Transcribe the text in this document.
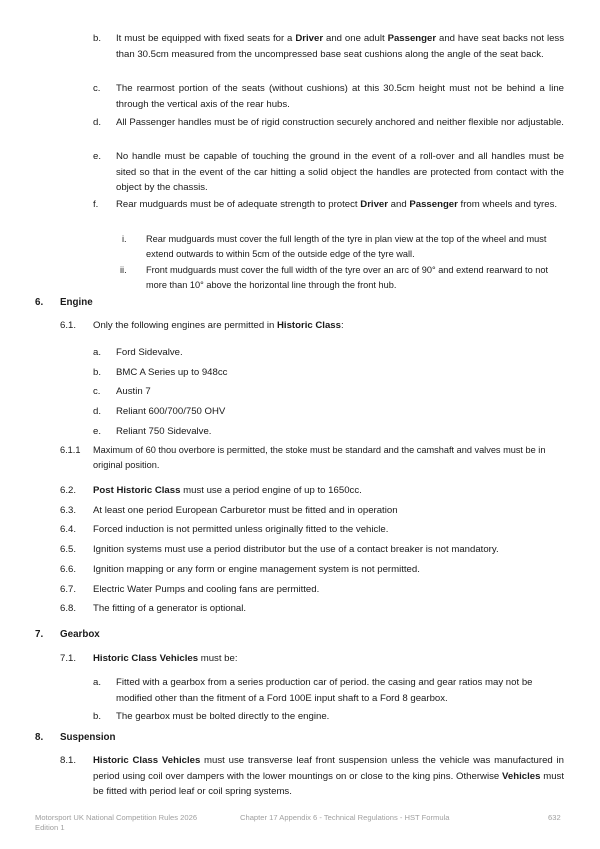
b. It must be equipped with fixed seats for a Driver and one adult Passenger and have seat backs not less than 30.5cm measured from the uncompressed base seat cushions along the angle of the seat back.
c. The rearmost portion of the seats (without cushions) at this 30.5cm height must not be behind a line through the vertical axis of the rear hubs.
d. All Passenger handles must be of rigid construction securely anchored and neither flexible nor adjustable.
e. No handle must be capable of touching the ground in the event of a roll-over and all handles must be sited so that in the event of the car hitting a solid object the handles are protected from contact with the object by the chassis.
f. Rear mudguards must be of adequate strength to protect Driver and Passenger from wheels and tyres.
i. Rear mudguards must cover the full length of the tyre in plan view at the top of the wheel and must extend outwards to within 5cm of the outside edge of the tyre wall.
ii. Front mudguards must cover the full width of the tyre over an arc of 90° and extend rearward to not more than 10° above the horizontal line through the front hub.
6. Engine
6.1. Only the following engines are permitted in Historic Class:
a. Ford Sidevalve.
b. BMC A Series up to 948cc
c. Austin 7
d. Reliant 600/700/750 OHV
e. Reliant 750 Sidevalve.
6.1.1 Maximum of 60 thou overbore is permitted, the stoke must be standard and the camshaft and valves must be in original position.
6.2. Post Historic Class must use a period engine of up to 1650cc.
6.3. At least one period European Carburetor must be fitted and in operation
6.4. Forced induction is not permitted unless originally fitted to the vehicle.
6.5. Ignition systems must use a period distributor but the use of a contact breaker is not mandatory.
6.6. Ignition mapping or any form or engine management system is not permitted.
6.7. Electric Water Pumps and cooling fans are permitted.
6.8. The fitting of a generator is optional.
7. Gearbox
7.1. Historic Class Vehicles must be:
a. Fitted with a gearbox from a series production car of period. the casing and gear ratios may not be modified other than the fitment of a Ford 100E input shaft to a Ford 8 gearbox.
b. The gearbox must be bolted directly to the engine.
8. Suspension
8.1. Historic Class Vehicles must use transverse leaf front suspension unless the vehicle was manufactured in period using coil over dampers with the lower mountings on or close to the king pins. Otherwise Vehicles must be fitted with period leaf or coil spring systems.
Motorsport UK National Competition Rules 2026
Edition 1
Chapter 17 Appendix 6 - Technical Regulations - HST Formula	632
